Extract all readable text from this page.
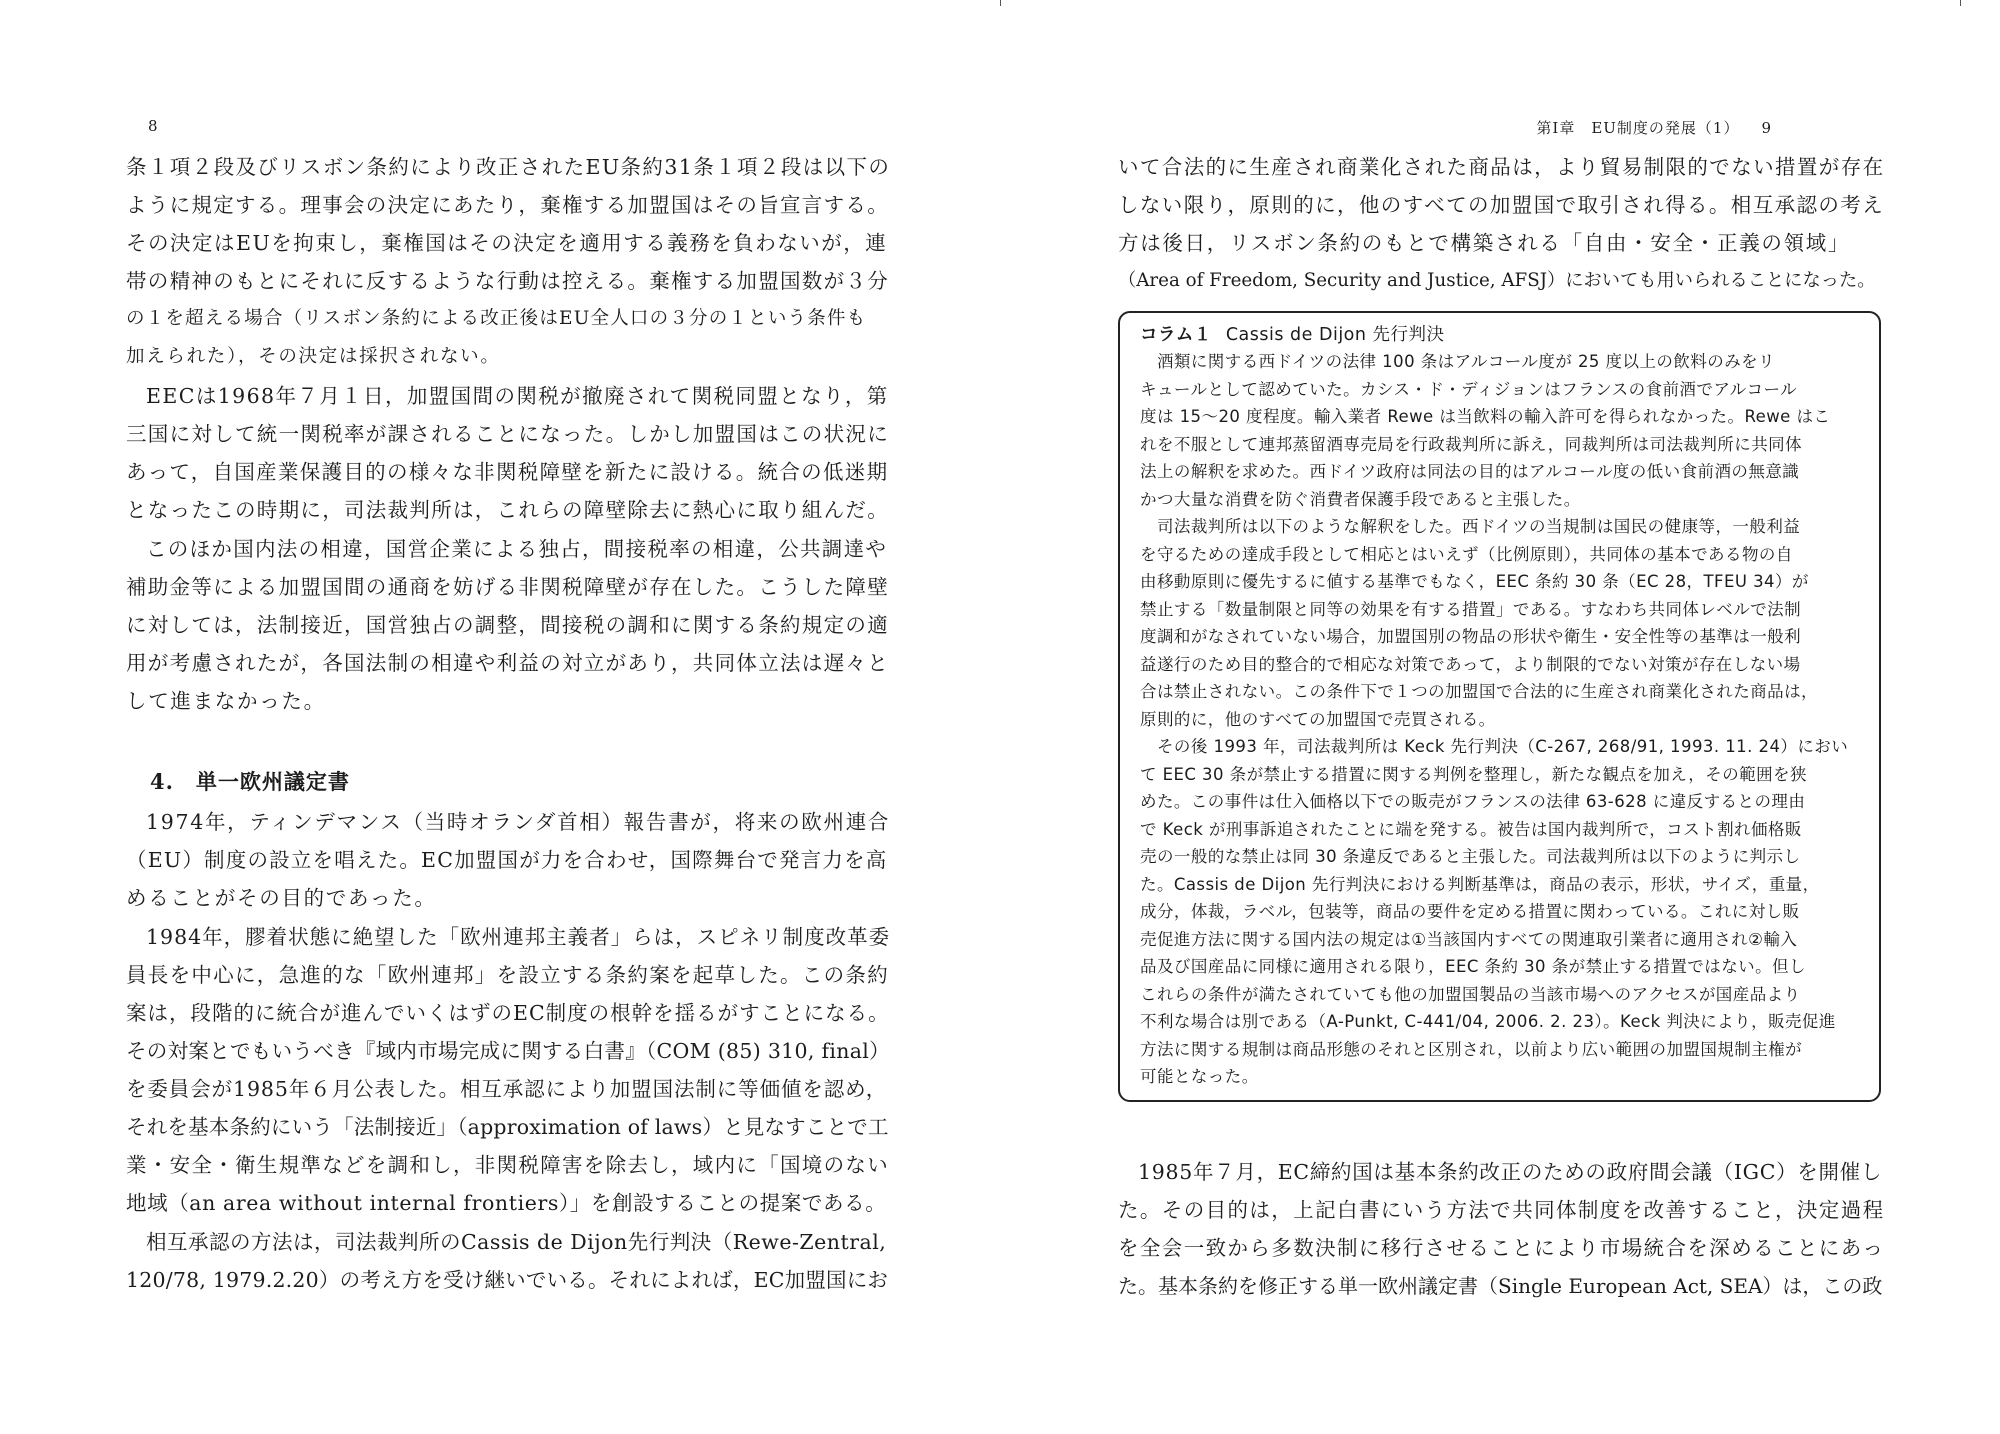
8
条１項２段及びリスボン条約により改正されたEU条約31条１項２段は以下の
ように規定する。理事会の決定にあたり，棄権する加盟国はその旨宣言する。
その決定はEUを拘束し，棄権国はその決定を適用する義務を負わないが，連
帯の精神のもとにそれに反するような行動は控える。棄権する加盟国数が３分
の１を超える場合（リスボン条約による改正後はEU全人口の３分の１という条件も
加えられた），その決定は採択されない。
EECは1968年７月１日，加盟国間の関税が撤廃されて関税同盟となり，第
三国に対して統一関税率が課されることになった。しかし加盟国はこの状況に
あって，自国産業保護目的の様々な非関税障壁を新たに設ける。統合の低迷期
となったこの時期に，司法裁判所は，これらの障壁除去に熱心に取り組んだ。
このほか国内法の相違，国営企業による独占，間接税率の相違，公共調達や
補助金等による加盟国間の通商を妨げる非関税障壁が存在した。こうした障壁
に対しては，法制接近，国営独占の調整，間接税の調和に関する条約規定の適
用が考慮されたが，各国法制の相違や利益の対立があり，共同体立法は遅々と
して進まなかった。
4.　単一欧州議定書
1974年，ティンデマンス（当時オランダ首相）報告書が，将来の欧州連合
（EU）制度の設立を唱えた。EC加盟国が力を合わせ，国際舞台で発言力を高
めることがその目的であった。
1984年，膠着状態に絶望した「欧州連邦主義者」らは，スピネリ制度改革委
員長を中心に，急進的な「欧州連邦」を設立する条約案を起草した。この条約
案は，段階的に統合が進んでいくはずのEC制度の根幹を揺るがすことになる。
その対案とでもいうべき『域内市場完成に関する白書』（COM (85) 310, final）
を委員会が1985年６月公表した。相互承認により加盟国法制に等価値を認め，
それを基本条約にいう「法制接近」（approximation of laws）と見なすことで工
業・安全・衛生規準などを調和し，非関税障害を除去し，域内に「国境のない
地域（an area without internal frontiers）」を創設することの提案である。
相互承認の方法は，司法裁判所のCassis de Dijon先行判決（Rewe-Zentral,
120/78, 1979.2.20）の考え方を受け継いでいる。それによれば，EC加盟国にお
第Ⅰ章　EU制度の発展（1） 9
いて合法的に生産され商業化された商品は，より貿易制限的でない措置が存在
しない限り，原則的に，他のすべての加盟国で取引され得る。相互承認の考え
方は後日，リスボン条約のもとで構築される「自由・安全・正義の領域」
（Area of Freedom, Security and Justice, AFSJ）においても用いられることになった。
コラム１ Cassis de Dijon 先行判決
　酒類に関する西ドイツの法律 100 条はアルコール度が 25 度以上の飲料のみをリ
キュールとして認めていた。カシス・ド・ディジョンはフランスの食前酒でアルコール
度は 15〜20 度程度。輸入業者 Rewe は当飲料の輸入許可を得られなかった。Rewe はこ
れを不服として連邦蒸留酒専売局を行政裁判所に訴え，同裁判所は司法裁判所に共同体
法上の解釈を求めた。西ドイツ政府は同法の目的はアルコール度の低い食前酒の無意識
かつ大量な消費を防ぐ消費者保護手段であると主張した。
　司法裁判所は以下のような解釈をした。西ドイツの当規制は国民の健康等，一般利益
を守るための達成手段として相応とはいえず（比例原則），共同体の基本である物の自
由移動原則に優先するに値する基準でもなく，EEC 条約 30 条（EC 28，TFEU 34）が
禁止する「数量制限と同等の効果を有する措置」である。すなわち共同体レベルで法制
度調和がなされていない場合，加盟国別の物品の形状や衛生・安全性等の基準は一般利
益遂行のため目的整合的で相応な対策であって，より制限的でない対策が存在しない場
合は禁止されない。この条件下で１つの加盟国で合法的に生産され商業化された商品は，
原則的に，他のすべての加盟国で売買される。
　その後 1993 年，司法裁判所は Keck 先行判決（C-267, 268/91, 1993. 11. 24）におい
て EEC 30 条が禁止する措置に関する判例を整理し，新たな観点を加え，その範囲を狭
めた。この事件は仕入価格以下での販売がフランスの法律 63-628 に違反するとの理由
で Keck が刑事訴追されたことに端を発する。被告は国内裁判所で，コスト割れ価格販
売の一般的な禁止は同 30 条違反であると主張した。司法裁判所は以下のように判示し
た。Cassis de Dijon 先行判決における判断基準は，商品の表示，形状，サイズ，重量，
成分，体裁，ラベル，包装等，商品の要件を定める措置に関わっている。これに対し販
売促進方法に関する国内法の規定は①当該国内すべての関連取引業者に適用され②輸入
品及び国産品に同様に適用される限り，EEC 条約 30 条が禁止する措置ではない。但し
これらの条件が満たされていても他の加盟国製品の当該市場へのアクセスが国産品より
不利な場合は別である（A-Punkt, C-441/04, 2006. 2. 23）。Keck 判決により，販売促進
方法に関する規制は商品形態のそれと区別され，以前より広い範囲の加盟国規制主権が
可能となった。
1985年７月，EC締約国は基本条約改正のための政府間会議（IGC）を開催し
た。その目的は，上記白書にいう方法で共同体制度を改善すること，決定過程
を全会一致から多数決制に移行させることにより市場統合を深めることにあっ
た。基本条約を修正する単一欧州議定書（Single European Act, SEA）は，この政
